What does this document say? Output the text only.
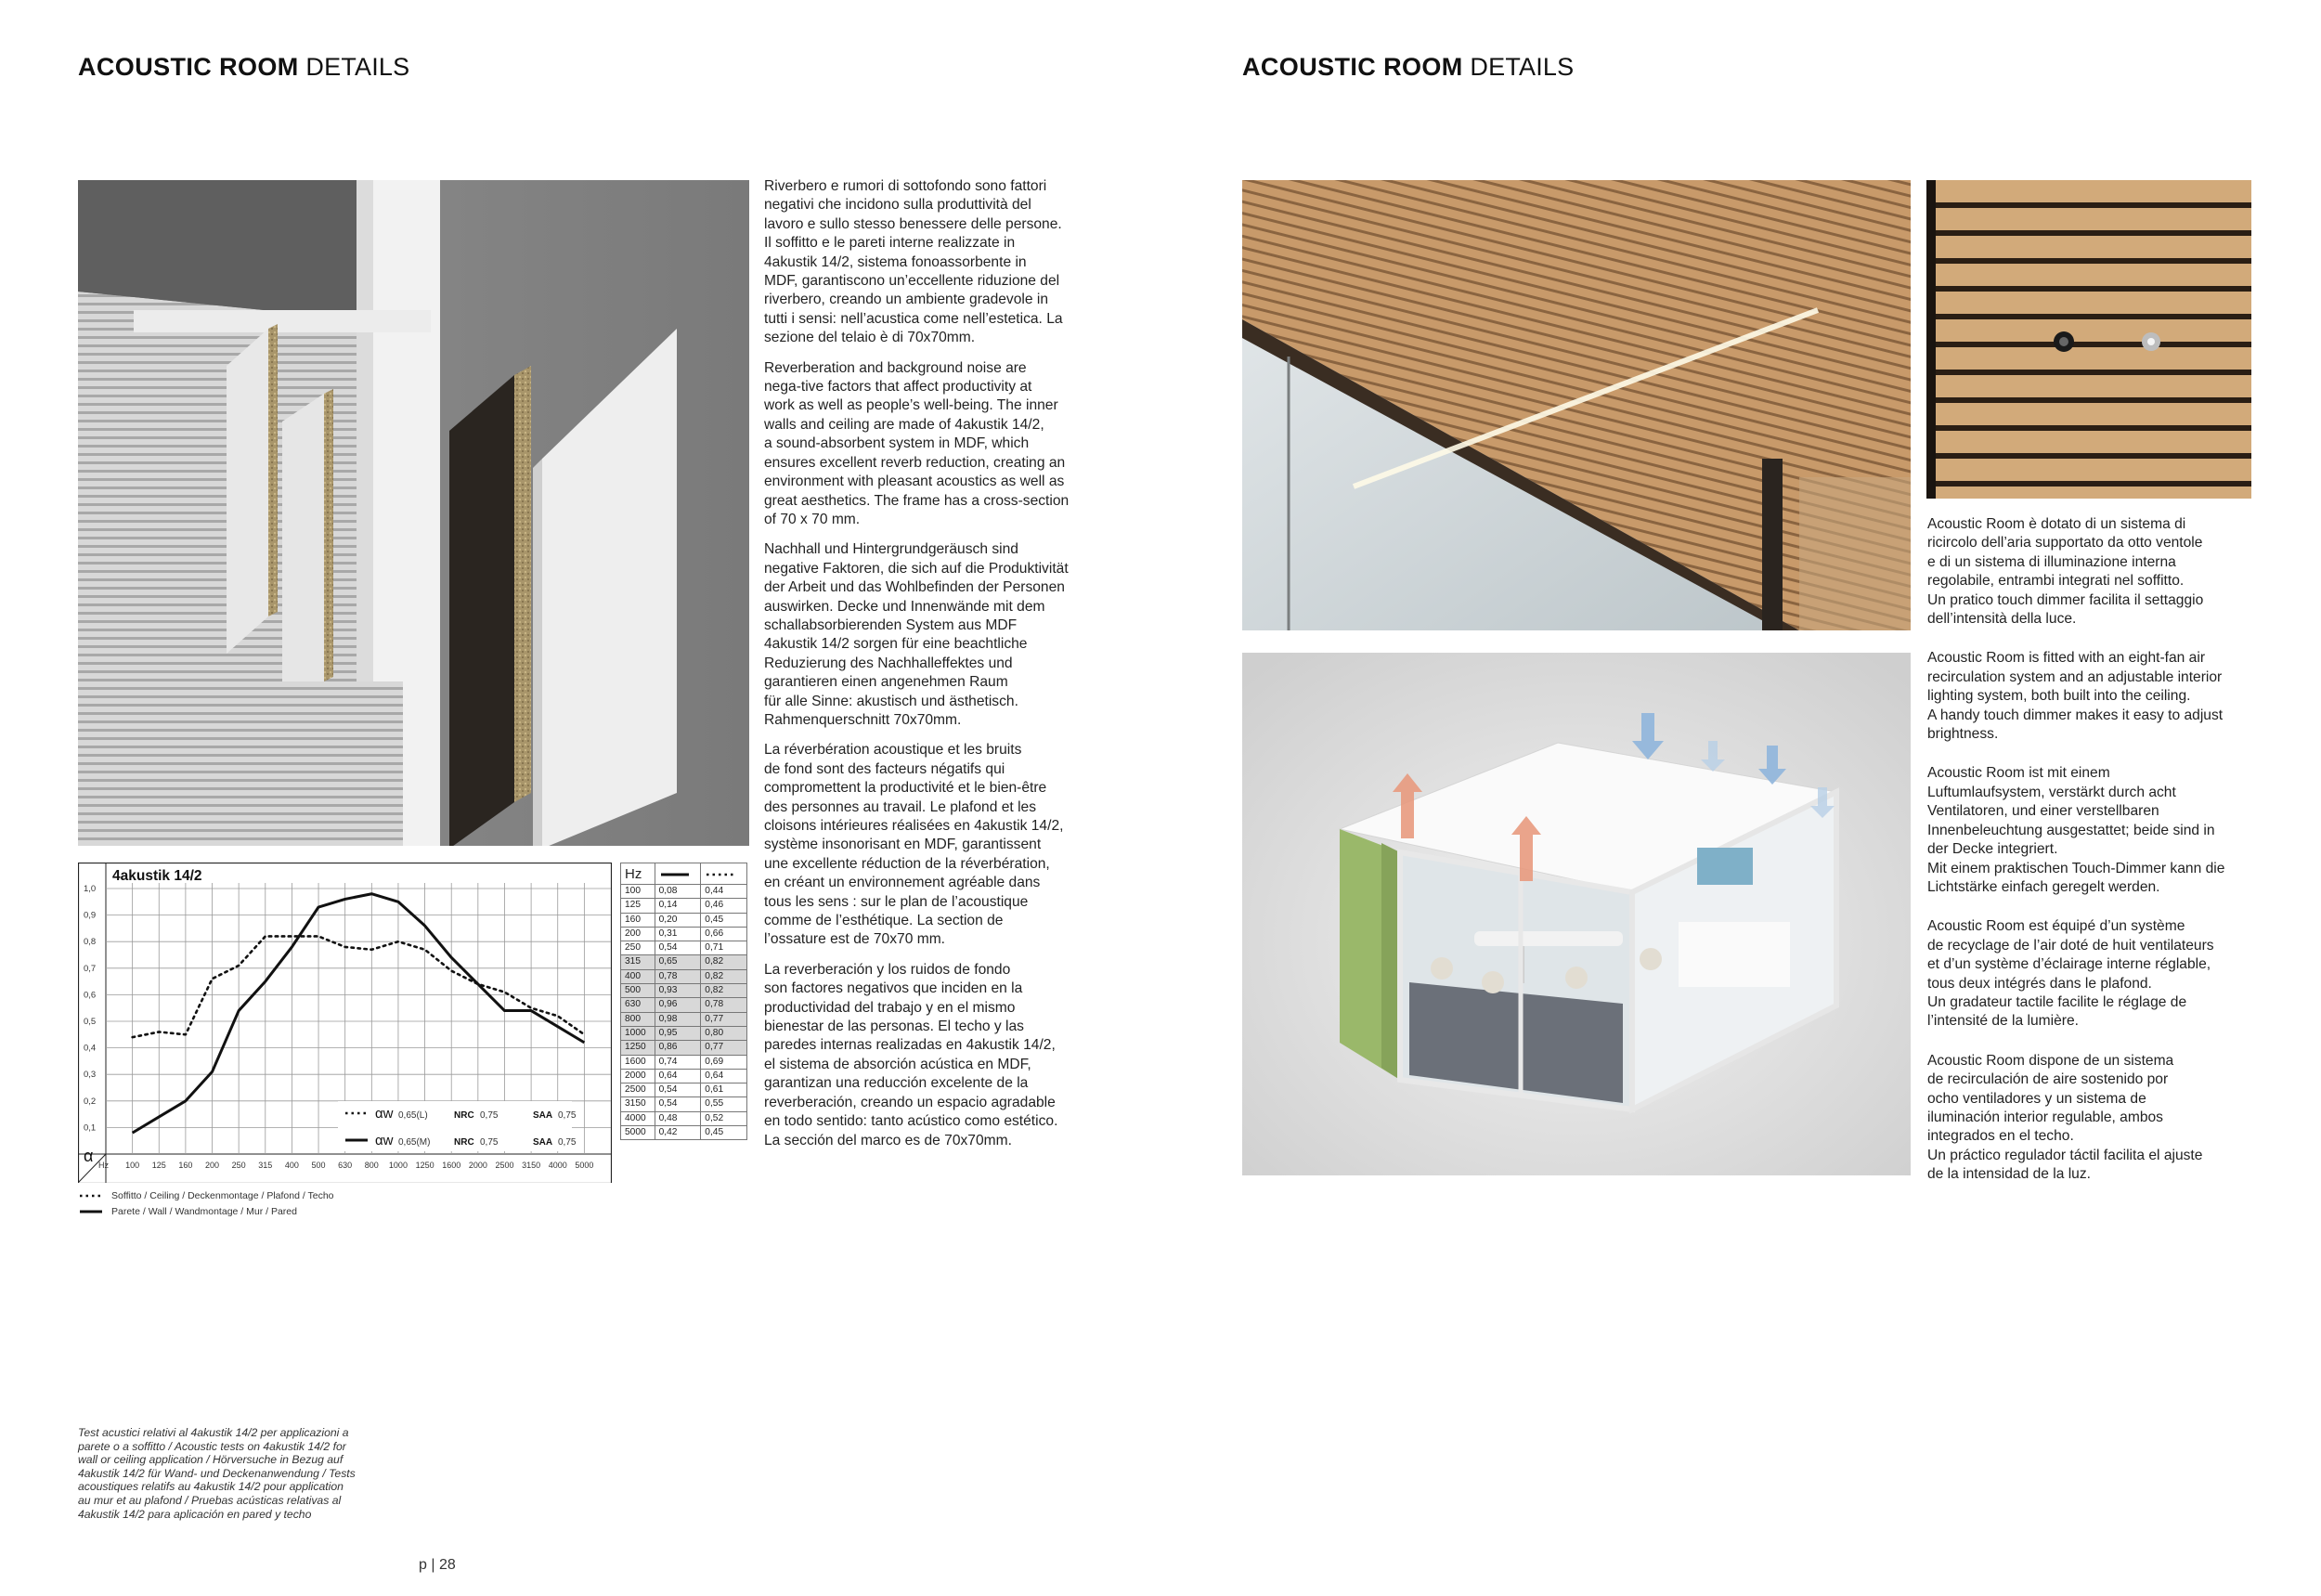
ACOUSTIC ROOM DETAILS

Riverbero e rumori di sottofondo sono fattori
negativi che incidono sulla produttività del
lavoro e sullo stesso benessere delle persone.
Il soffitto e le pareti interne realizzate in
4akustik 14/2, sistema fonoassorbente in
MDF, garantiscono un’eccellente riduzione del
riverbero, creando un ambiente gradevole in
tutti i sensi: nell’acustica come nell’estetica. La
sezione del telaio è di 70x70mm.

Reverberation and background noise are
nega-tive factors that affect productivity at
work as well as people’s well-being. The inner
walls and ceiling are made of 4akustik 14/2,
a sound-absorbent system in MDF, which
ensures excellent reverb reduction, creating an
environment with pleasant acoustics as well as
great aesthetics. The frame has a cross-section
of 70 x 70 mm.

Nachhall und Hintergrundgeräusch sind
negative Faktoren, die sich auf die Produktivität
der Arbeit und das Wohlbefinden der Personen
auswirken. Decke und Innenwände mit dem
schallabsorbierenden System aus MDF
4akustik 14/2 sorgen für eine beachtliche
Reduzierung des Nachhalleffektes und
garantieren einen angenehmen Raum
für alle Sinne: akustisch und ästhetisch.
Rahmenquerschnitt 70x70mm.

La réverbération acoustique et les bruits
de fond sont des facteurs négatifs qui
compromettent la productivité et le bien-être
des personnes au travail. Le plafond et les
cloisons intérieures réalisées en 4akustik 14/2,
système insonorisant en MDF, garantissent
une excellente réduction de la réverbération,
en créant un environnement agréable dans
tous les sens : sur le plan de l’acoustique
comme de l’esthétique. La section de
l’ossature est de 70x70 mm.

La reverberación y los ruidos de fondo
son factores negativos que inciden en la
productividad del trabajo y en el mismo
bienestar de las personas. El techo y las
paredes internas realizadas en 4akustik 14/2,
el sistema de absorción acústica en MDF,
garantizan una reducción excelente de la
reverberación, creando un espacio agradable
en todo sentido: tanto acústico como estético.
La sección del marco es de 70x70mm.

4akustik 14/2
0,1
0,2
0,3
0,4
0,5
0,6
0,7
0,8
0,9
1,0
100 125 160 200 250 315 400 500 630 800 1000 1250 1600 2000 2500 3150 4000 5000
α Hz
αw 0,65(L)	NRC 0,75	SAA 0,75
αw 0,65(M)	NRC 0,75	SAA 0,75
Hz		
100	0,08	0,44
125	0,14	0,46
160	0,20	0,45
200	0,31	0,66
250	0,54	0,71
315	0,65	0,82
400	0,78	0,82
500	0,93	0,82
630	0,96	0,78
800	0,98	0,77
1000	0,95	0,80
1250	0,86	0,77
1600	0,74	0,69
2000	0,64	0,64
2500	0,54	0,61
3150	0,54	0,55
4000	0,48	0,52
5000	0,42	0,45
Soffitto / Ceiling / Deckenmontage / Plafond / Techo
Parete / Wall / Wandmontage / Mur / Pared
Test acustici relativi al 4akustik 14/2 per applicazioni a
parete o a soffitto / Acoustic tests on 4akustik 14/2 for
wall or ceiling application / Hörversuche in Bezug auf
4akustik 14/2 für Wand- und Deckenanwendung / Tests
acoustiques relatifs au 4akustik 14/2 pour application
au mur et au plafond / Pruebas acústicas relativas al
4akustik 14/2 para aplicación en pared y techo
p | 28
ACOUSTIC ROOM DETAILS

Acoustic Room è dotato di un sistema di
ricircolo dell’aria supportato da otto ventole
e di un sistema di illuminazione interna
regolabile, entrambi integrati nel soffitto.
Un pratico touch dimmer facilita il settaggio
dell’intensità della luce.

Acoustic Room is fitted with an eight-fan air
recirculation system and an adjustable interior
lighting system, both built into the ceiling.
A handy touch dimmer makes it easy to adjust
brightness.

Acoustic Room ist mit einem
Luftumlaufsystem, verstärkt durch acht
Ventilatoren, und einer verstellbaren
Innenbeleuchtung ausgestattet; beide sind in
der Decke integriert.
Mit einem praktischen Touch-Dimmer kann die
Lichtstärke einfach geregelt werden.

Acoustic Room est équipé d’un système
de recyclage de l’air doté de huit ventilateurs
et d’un système d’éclairage interne réglable,
tous deux intégrés dans le plafond.
Un gradateur tactile facilite le réglage de
l’intensité de la lumière.

Acoustic Room dispone de un sistema
de recirculación de aire sostenido por
ocho ventiladores y un sistema de
iluminación interior regulable, ambos
integrados en el techo.
Un práctico regulador táctil facilita el ajuste
de la intensidad de la luz.
